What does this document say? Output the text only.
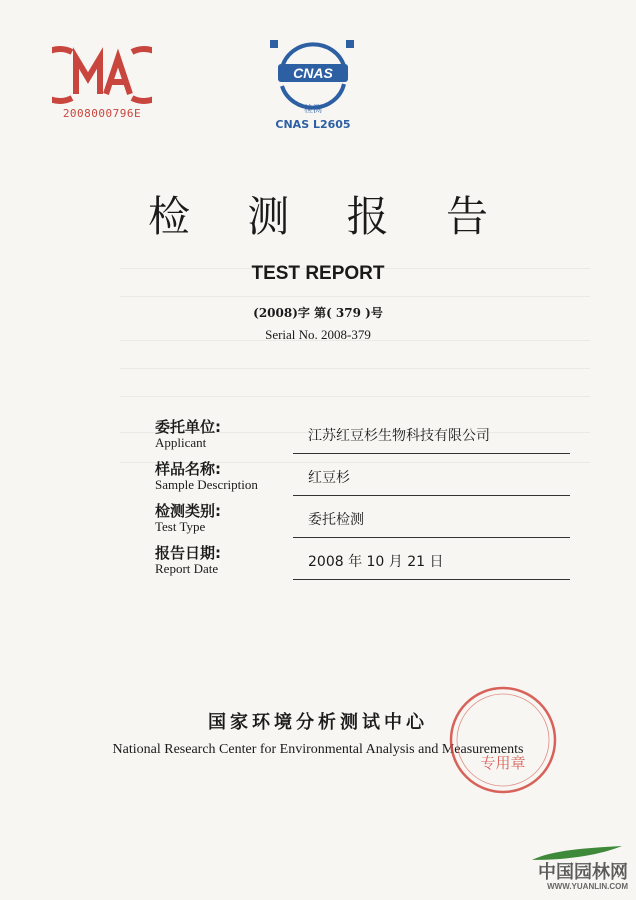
2008000796E
CNAS
检测
CNAS L2605
检 测 报 告
TEST REPORT
(2008)字 第( 379 )号
Serial No. 2008-379
委托单位:
Applicant	江苏红豆杉生物科技有限公司
样品名称:
Sample Description	红豆杉
检测类别:
Test Type	委托检测
报告日期:
Report Date	2008 年 10 月 21 日
国家环境分析测试中心
National Research Center for Environmental Analysis and Measurements
专用章
中国园林网
WWW.YUANLIN.COM
